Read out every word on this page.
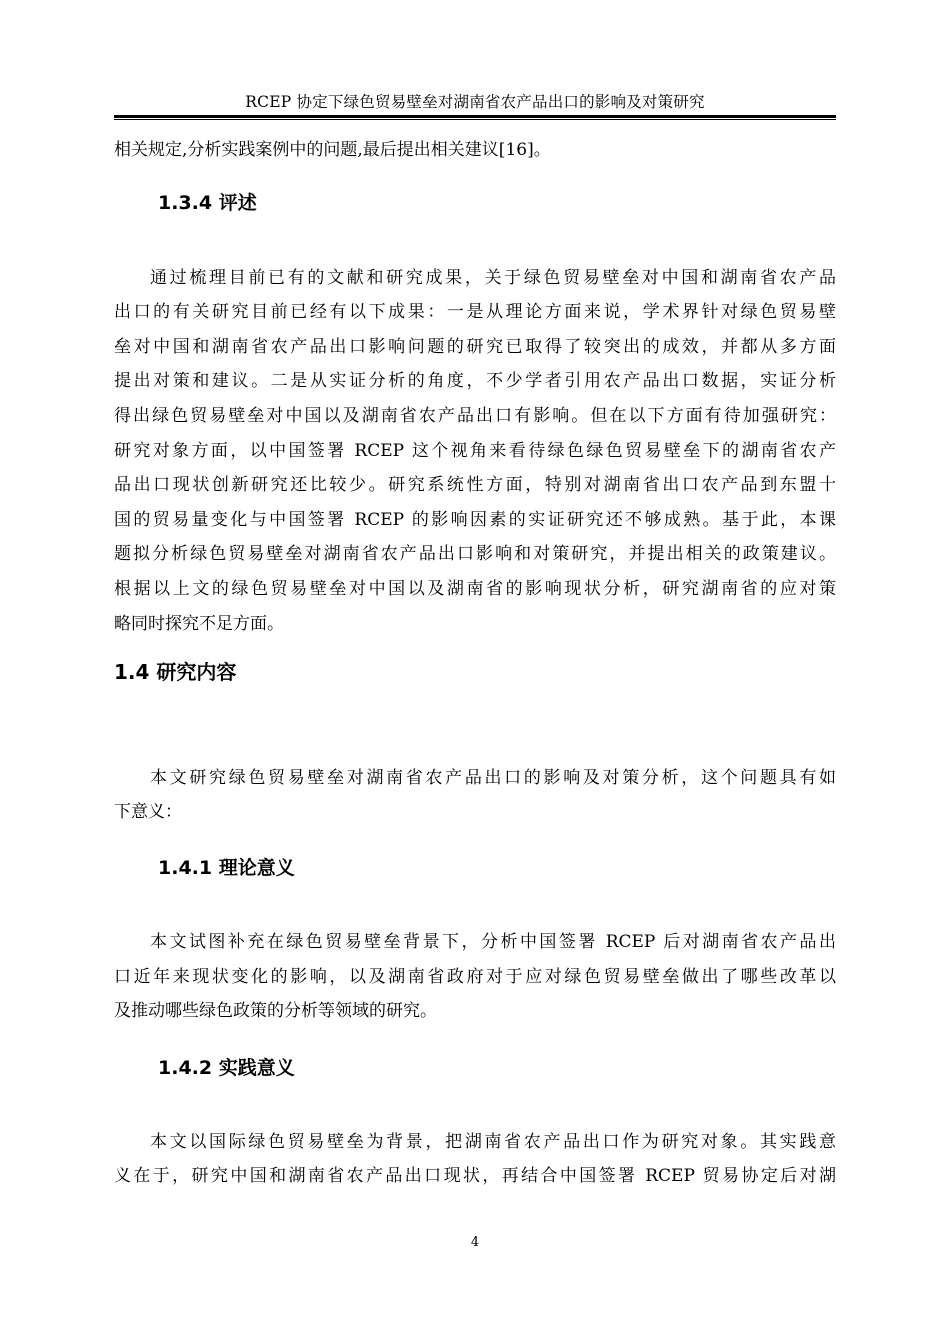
RCEP 协定下绿色贸易壁垒对湖南省农产品出口的影响及对策研究
相关规定,分析实践案例中的问题,最后提出相关建议[16]。
1.3.4 评述
通过梳理目前已有的文献和研究成果，关于绿色贸易壁垒对中国和湖南省农产品
出口的有关研究目前已经有以下成果：一是从理论方面来说，学术界针对绿色贸易壁
垒对中国和湖南省农产品出口影响问题的研究已取得了较突出的成效，并都从多方面
提出对策和建议。二是从实证分析的角度，不少学者引用农产品出口数据，实证分析
得出绿色贸易壁垒对中国以及湖南省农产品出口有影响。但在以下方面有待加强研究：
研究对象方面，以中国签署 RCEP 这个视角来看待绿色绿色贸易壁垒下的湖南省农产
品出口现状创新研究还比较少。研究系统性方面，特别对湖南省出口农产品到东盟十
国的贸易量变化与中国签署 RCEP 的影响因素的实证研究还不够成熟。基于此，本课
题拟分析绿色贸易壁垒对湖南省农产品出口影响和对策研究，并提出相关的政策建议。
根据以上文的绿色贸易壁垒对中国以及湖南省的影响现状分析，研究湖南省的应对策
略同时探究不足方面。
1.4 研究内容
本文研究绿色贸易壁垒对湖南省农产品出口的影响及对策分析，这个问题具有如
下意义：
1.4.1 理论意义
本文试图补充在绿色贸易壁垒背景下，分析中国签署 RCEP 后对湖南省农产品出
口近年来现状变化的影响，以及湖南省政府对于应对绿色贸易壁垒做出了哪些改革以
及推动哪些绿色政策的分析等领域的研究。
1.4.2 实践意义
本文以国际绿色贸易壁垒为背景，把湖南省农产品出口作为研究对象。其实践意
义在于，研究中国和湖南省农产品出口现状，再结合中国签署 RCEP 贸易协定后对湖
4
